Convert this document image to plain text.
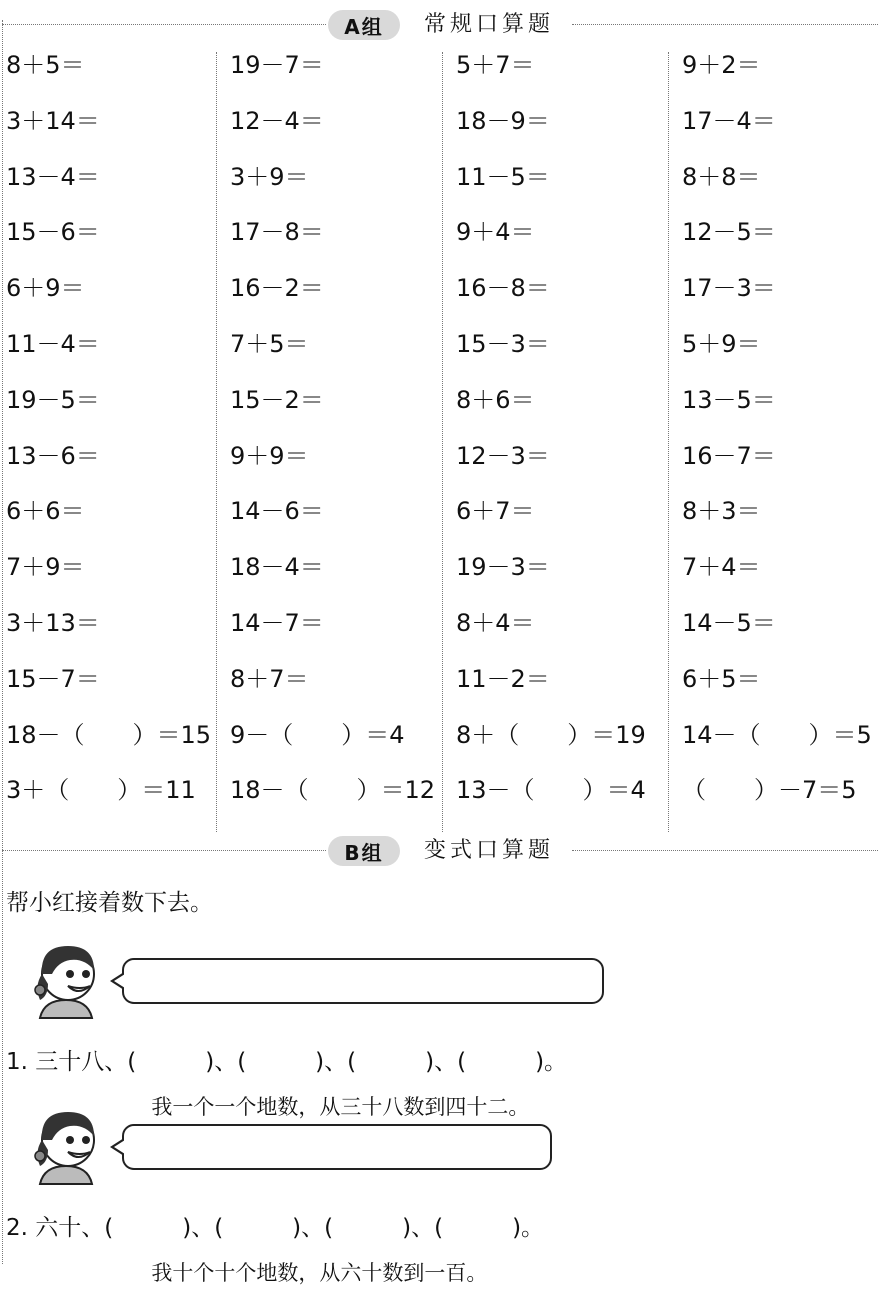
A组	常规口算题
8＋5＝
3＋14＝
13－4＝
15－6＝
6＋9＝
11－4＝
19－5＝
13－6＝
6＋6＝
7＋9＝
3＋13＝
15－7＝
18－（　　）＝15
3＋（　　）＝11
19－7＝
12－4＝
3＋9＝
17－8＝
16－2＝
7＋5＝
15－2＝
9＋9＝
14－6＝
18－4＝
14－7＝
8＋7＝
9－（　　）＝4
18－（　　）＝12
5＋7＝
18－9＝
11－5＝
9＋4＝
16－8＝
15－3＝
8＋6＝
12－3＝
6＋7＝
19－3＝
8＋4＝
11－2＝
8＋（　　）＝19
13－（　　）＝4
9＋2＝
17－4＝
8＋8＝
12－5＝
17－3＝
5＋9＝
13－5＝
16－7＝
8＋3＝
7＋4＝
14－5＝
6＋5＝
14－（　　）＝5
（　　）－7＝5
B组	变式口算题
帮小红接着数下去。

我一个一个地数，从三十八数到四十二。

1. 三十八、(　　　)、(　　　)、(　　　)、(　　　)。

我十个十个地数，从六十数到一百。

2. 六十、(　　　)、(　　　)、(　　　)、(　　　)。
